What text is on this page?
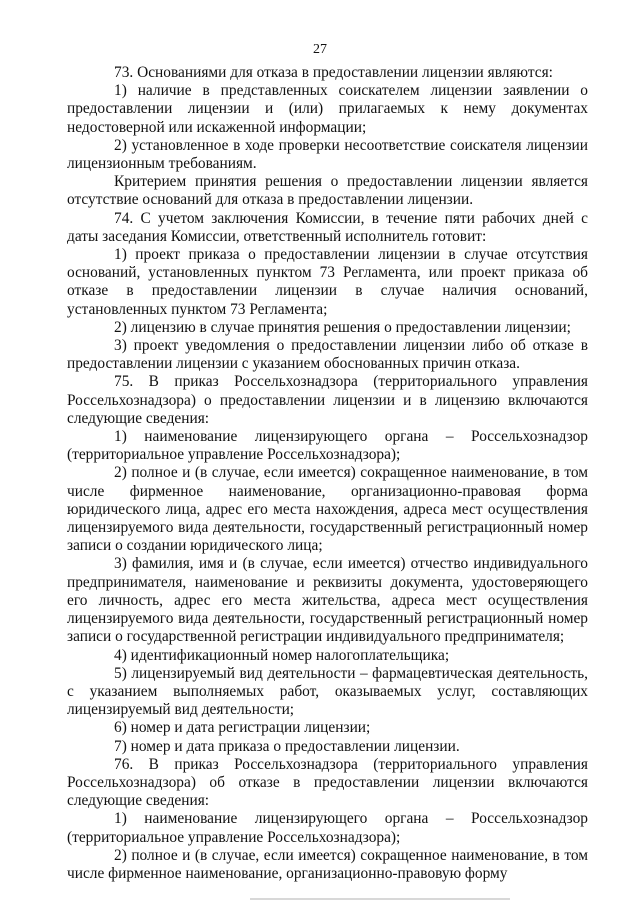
27

73. Основаниями для отказа в предоставлении лицензии являются:

1) наличие в представленных соискателем лицензии заявлении о предоставлении лицензии и (или) прилагаемых к нему документах недостоверной или искаженной информации;

2) установленное в ходе проверки несоответствие соискателя лицензии лицензионным требованиям.

Критерием принятия решения о предоставлении лицензии является отсутствие оснований для отказа в предоставлении лицензии.

74. С учетом заключения Комиссии, в течение пяти рабочих дней с даты заседания Комиссии, ответственный исполнитель готовит:

1) проект приказа о предоставлении лицензии в случае отсутствия оснований, установленных пунктом 73 Регламента, или проект приказа об отказе в предоставлении лицензии в случае наличия оснований, установленных пунктом 73 Регламента;

2) лицензию в случае принятия решения о предоставлении лицензии;

3) проект уведомления о предоставлении лицензии либо об отказе в предоставлении лицензии с указанием обоснованных причин отказа.

75. В приказ Россельхознадзора (территориального управления Россельхознадзора) о предоставлении лицензии и в лицензию включаются следующие сведения:

1) наименование лицензирующего органа – Россельхознадзор (территориальное управление Россельхознадзора);

2) полное и (в случае, если имеется) сокращенное наименование, в том числе фирменное наименование, организационно-правовая форма юридического лица, адрес его места нахождения, адреса мест осуществления лицензируемого вида деятельности, государственный регистрационный номер записи о создании юридического лица;

3) фамилия, имя и (в случае, если имеется) отчество индивидуального предпринимателя, наименование и реквизиты документа, удостоверяющего его личность, адрес его места жительства, адреса мест осуществления лицензируемого вида деятельности, государственный регистрационный номер записи о государственной регистрации индивидуального предпринимателя;

4) идентификационный номер налогоплательщика;

5) лицензируемый вид деятельности – фармацевтическая деятельность, с указанием выполняемых работ, оказываемых услуг, составляющих лицензируемый вид деятельности;

6) номер и дата регистрации лицензии;

7) номер и дата приказа о предоставлении лицензии.

76. В приказ Россельхознадзора (территориального управления Россельхознадзора) об отказе в предоставлении лицензии включаются следующие сведения:

1) наименование лицензирующего органа – Россельхознадзор (территориальное управление Россельхознадзора);

2) полное и (в случае, если имеется) сокращенное наименование, в том числе фирменное наименование, организационно-правовую форму
